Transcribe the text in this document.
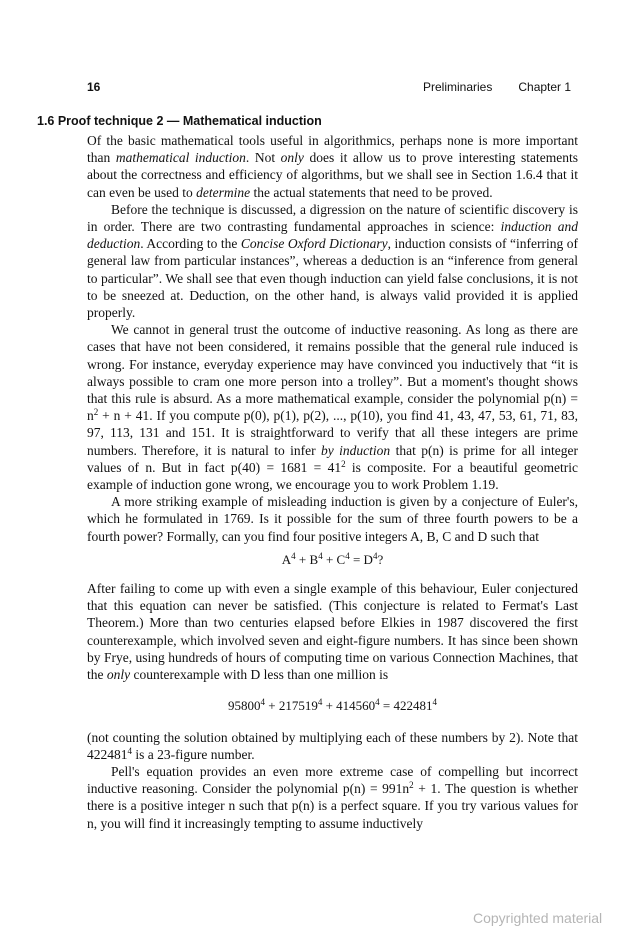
16	Preliminaries Chapter 1
1.6 Proof technique 2 — Mathematical induction

Of the basic mathematical tools useful in algorithmics, perhaps none is more important than mathematical induction. Not only does it allow us to prove interesting statements about the correctness and efficiency of algorithms, but we shall see in Section 1.6.4 that it can even be used to determine the actual statements that need to be proved.

Before the technique is discussed, a digression on the nature of scientific discovery is in order. There are two contrasting fundamental approaches in science: induction and deduction. According to the Concise Oxford Dictionary, induction consists of “inferring of general law from particular instances”, whereas a deduction is an “inference from general to particular”. We shall see that even though induction can yield false conclusions, it is not to be sneezed at. Deduction, on the other hand, is always valid provided it is applied properly.

We cannot in general trust the outcome of inductive reasoning. As long as there are cases that have not been considered, it remains possible that the general rule induced is wrong. For instance, everyday experience may have convinced you inductively that “it is always possible to cram one more person into a trolley”. But a moment's thought shows that this rule is absurd. As a more mathematical example, consider the polynomial $p(n) = n^2 + n + 41$. If you compute p(0), p(1), p(2), ..., p(10), you find 41, 43, 47, 53, 61, 71, 83, 97, 113, 131 and 151. It is straightforward to verify that all these integers are prime numbers. Therefore, it is natural to infer by induction that p(n) is prime for all integer values of n. But in fact $p(40) = 1681 = 41^2$ is composite. For a beautiful geometric example of induction gone wrong, we encourage you to work Problem 1.19.

A more striking example of misleading induction is given by a conjecture of Euler's, which he formulated in 1769. Is it possible for the sum of three fourth powers to be a fourth power? Formally, can you find four positive integers A, B, C and D such that

$A^4 + B^4 + C^4 = D^4$?

After failing to come up with even a single example of this behaviour, Euler conjectured that this equation can never be satisfied. (This conjecture is related to Fermat's Last Theorem.) More than two centuries elapsed before Elkies in 1987 discovered the first counterexample, which involved seven and eight-figure numbers. It has since been shown by Frye, using hundreds of hours of computing time on various Connection Machines, that the only counterexample with D less than one million is

$95800^4 + 217519^4 + 414560^4 = 422481^4$

(not counting the solution obtained by multiplying each of these numbers by 2). Note that 422481$^4$ is a 23-figure number.

Pell's equation provides an even more extreme case of compelling but incorrect inductive reasoning. Consider the polynomial $p(n) = 991n^2 + 1$. The question is whether there is a positive integer n such that p(n) is a perfect square. If you try various values for n, you will find it increasingly tempting to assume inductively

Copyrighted material
